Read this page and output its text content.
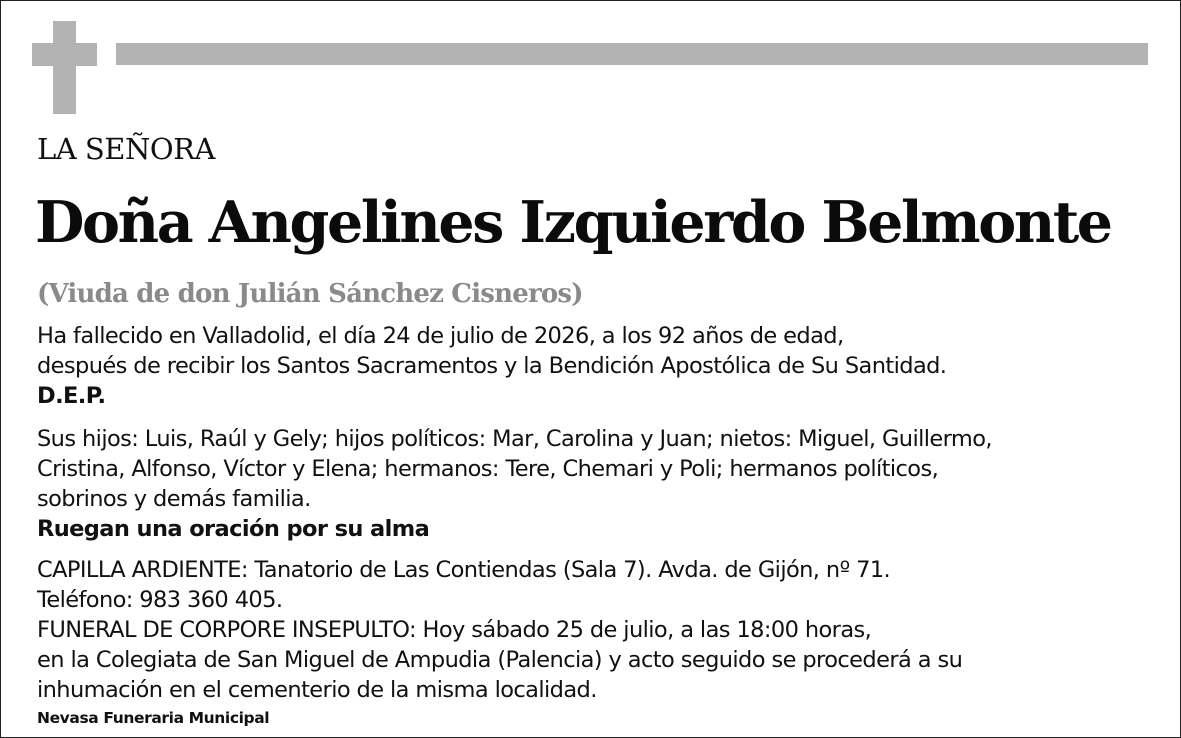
LA SEÑORA
Doña Angelines Izquierdo Belmonte
(Viuda de don Julián Sánchez Cisneros)
Ha fallecido en Valladolid, el día 24 de julio de 2026, a los 92 años de edad,
después de recibir los Santos Sacramentos y la Bendición Apostólica de Su Santidad.
D.E.P.
Sus hijos: Luis, Raúl y Gely; hijos políticos: Mar, Carolina y Juan; nietos: Miguel, Guillermo,
Cristina, Alfonso, Víctor y Elena; hermanos: Tere, Chemari y Poli; hermanos políticos,
sobrinos y demás familia.
Ruegan una oración por su alma
CAPILLA ARDIENTE: Tanatorio de Las Contiendas (Sala 7). Avda. de Gijón, nº 71.
Teléfono: 983 360 405.
FUNERAL DE CORPORE INSEPULTO: Hoy sábado 25 de julio, a las 18:00 horas,
en la Colegiata de San Miguel de Ampudia (Palencia) y acto seguido se procederá a su
inhumación en el cementerio de la misma localidad.
Nevasa Funeraria Municipal
